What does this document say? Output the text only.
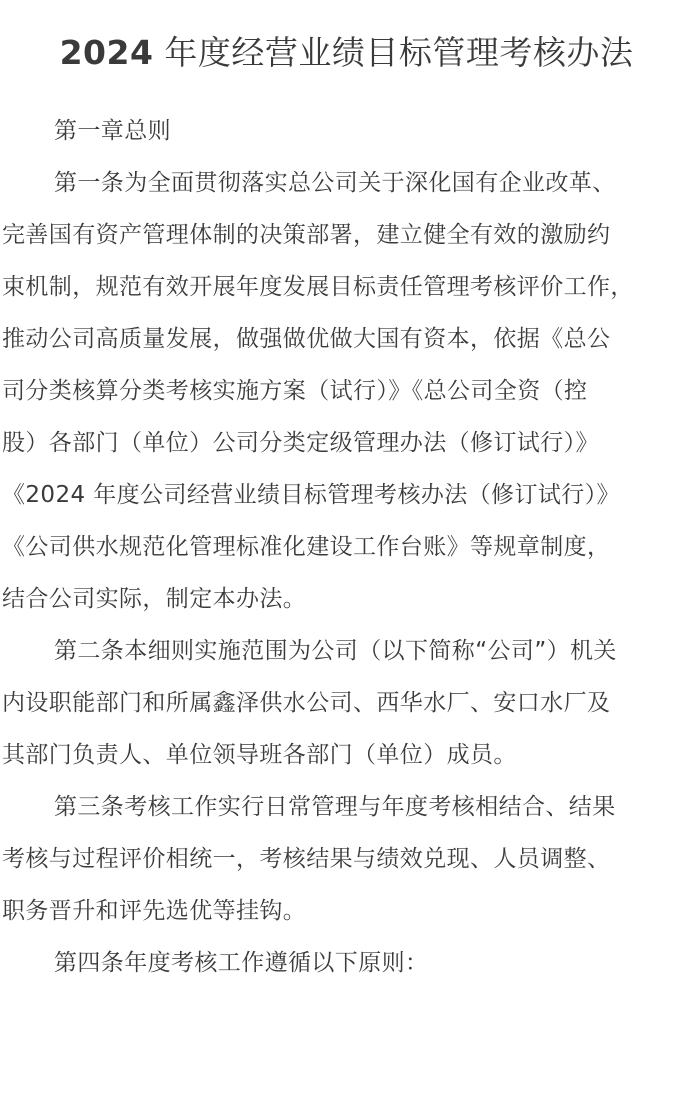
2024 年度经营业绩目标管理考核办法
第一章总则
第一条为全面贯彻落实总公司关于深化国有企业改革、
完善国有资产管理体制的决策部署，建立健全有效的激励约
束机制，规范有效开展年度发展目标责任管理考核评价工作，
推动公司高质量发展，做强做优做大国有资本，依据《总公
司分类核算分类考核实施方案（试行）》《总公司全资（控
股）各部门（单位）公司分类定级管理办法（修订试行）》
《2024 年度公司经营业绩目标管理考核办法（修订试行）》
《公司供水规范化管理标准化建设工作台账》等规章制度，
结合公司实际，制定本办法。
第二条本细则实施范围为公司（以下简称“公司”）机关
内设职能部门和所属鑫泽供水公司、西华水厂、安口水厂及
其部门负责人、单位领导班各部门（单位）成员。
第三条考核工作实行日常管理与年度考核相结合、结果
考核与过程评价相统一，考核结果与绩效兑现、人员调整、
职务晋升和评先选优等挂钩。
第四条年度考核工作遵循以下原则：
